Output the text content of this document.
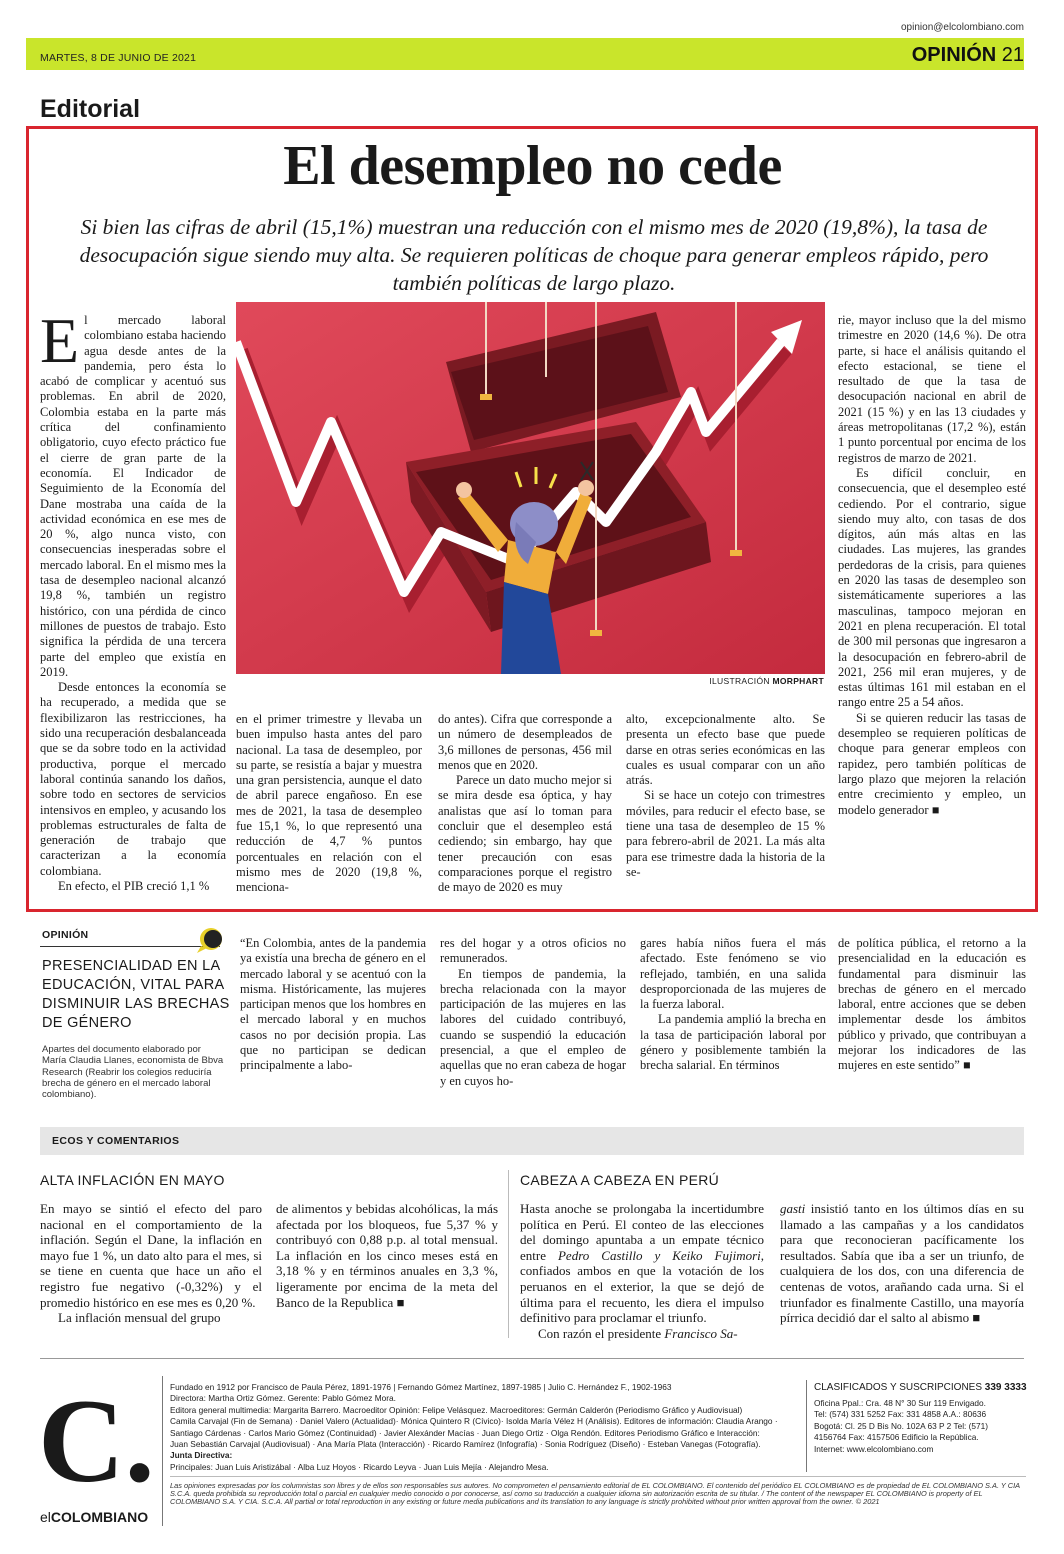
opinion@elcolombiano.com
MARTES, 8 DE JUNIO DE 2021	OPINIÓN 21
Editorial
El desempleo no cede
Si bien las cifras de abril (15,1%) muestran una reducción con el mismo mes de 2020 (19,8%), la tasa de desocupación sigue siendo muy alta. Se requieren políticas de choque para generar empleos rápido, pero también políticas de largo plazo.

El mercado laboral colombiano estaba haciendo agua desde antes de la pandemia, pero ésta lo acabó de complicar y acentuó sus problemas. En abril de 2020, Colombia estaba en la parte más crítica del confinamiento obligatorio, cuyo efecto práctico fue el cierre de gran parte de la economía. El Indicador de Seguimiento de la Economía del Dane mostraba una caída de la actividad económica en ese mes de 20 %, algo nunca visto, con consecuencias inesperadas sobre el mercado laboral. En el mismo mes la tasa de desempleo nacional alcanzó 19,8 %, también un registro histórico, con una pérdida de cinco millones de puestos de trabajo. Esto significa la pérdida de una tercera parte del empleo que existía en 2019.

Desde entonces la economía se ha recuperado, a medida que se flexibilizaron las restricciones, ha sido una recuperación desbalanceada que se da sobre todo en la actividad productiva, porque el mercado laboral continúa sanando los daños, sobre todo en sectores de servicios intensivos en empleo, y acusando los problemas estructurales de falta de generación de trabajo que caracterizan a la economía colombiana.

En efecto, el PIB creció 1,1 %

ILUSTRACIÓN MORPHART

en el primer trimestre y llevaba un buen impulso hasta antes del paro nacional. La tasa de desempleo, por su parte, se resistía a bajar y muestra una gran persistencia, aunque el dato de abril parece engañoso. En ese mes de 2021, la tasa de desempleo fue 15,1 %, lo que representó una reducción de 4,7 % puntos porcentuales en relación con el mismo mes de 2020 (19,8 %, menciona-

do antes). Cifra que corresponde a un número de desempleados de 3,6 millones de personas, 456 mil menos que en 2020.

Parece un dato mucho mejor si se mira desde esa óptica, y hay analistas que así lo toman para concluir que el desempleo está cediendo; sin embargo, hay que tener precaución con esas comparaciones porque el registro de mayo de 2020 es muy

alto, excepcionalmente alto. Se presenta un efecto base que puede darse en otras series económicas en las cuales es usual comparar con un año atrás.

Si se hace un cotejo con trimestres móviles, para reducir el efecto base, se tiene una tasa de desempleo de 15 % para febrero-abril de 2021. La más alta para ese trimestre dada la historia de la se-

rie, mayor incluso que la del mismo trimestre en 2020 (14,6 %). De otra parte, si hace el análisis quitando el efecto estacional, se tiene el resultado de que la tasa de desocupación nacional en abril de 2021 (15 %) y en las 13 ciudades y áreas metropolitanas (17,2 %), están 1 punto porcentual por encima de los registros de marzo de 2021.

Es difícil concluir, en consecuencia, que el desempleo esté cediendo. Por el contrario, sigue siendo muy alto, con tasas de dos dígitos, aún más altas en las ciudades. Las mujeres, las grandes perdedoras de la crisis, para quienes en 2020 las tasas de desempleo son sistemáticamente superiores a las masculinas, tampoco mejoran en 2021 en plena recuperación. El total de 300 mil personas que ingresaron a la desocupación en febrero-abril de 2021, 256 mil eran mujeres, y de estas últimas 161 mil estaban en el rango entre 25 a 54 años.

Si se quieren reducir las tasas de desempleo se requieren políticas de choque para generar empleos con rapidez, pero también políticas de largo plazo que mejoren la relación entre crecimiento y empleo, un modelo generador ■

OPINIÓN
PRESENCIALIDAD EN LA EDUCACIÓN, VITAL PARA DISMINUIR LAS BRECHAS DE GÉNERO
Apartes del documento elaborado por María Claudia Llanes, economista de Bbva Research (Reabrir los colegios reduciría brecha de género en el mercado laboral colombiano).

“En Colombia, antes de la pandemia ya existía una brecha de género en el mercado laboral y se acentuó con la misma. Históricamente, las mujeres participan menos que los hombres en el mercado laboral y en muchos casos no por decisión propia. Las que no participan se dedican principalmente a labo-

res del hogar y a otros oficios no remunerados.

En tiempos de pandemia, la brecha relacionada con la mayor participación de las mujeres en las labores del cuidado contribuyó, cuando se suspendió la educación presencial, a que el empleo de aquellas que no eran cabeza de hogar y en cuyos ho-

gares había niños fuera el más afectado. Este fenómeno se vio reflejado, también, en una salida desproporcionada de las mujeres de la fuerza laboral.

La pandemia amplió la brecha en la tasa de participación laboral por género y posiblemente también la brecha salarial. En términos

de política pública, el retorno a la presencialidad en la educación es fundamental para disminuir las brechas de género en el mercado laboral, entre acciones que se deben implementar desde los ámbitos público y privado, que contribuyan a mejorar los indicadores de las mujeres en este sentido” ■

ECOS Y COMENTARIOS
ALTA INFLACIÓN EN MAYO

En mayo se sintió el efecto del paro nacional en el comportamiento de la inflación. Según el Dane, la inflación en mayo fue 1 %, un dato alto para el mes, si se tiene en cuenta que hace un año el registro fue negativo (-0,32%) y el promedio histórico en ese mes es 0,20 %.

La inflación mensual del grupo

de alimentos y bebidas alcohólicas, la más afectada por los bloqueos, fue 5,37 % y contribuyó con 0,88 p.p. al total mensual. La inflación en los cinco meses está en 3,18 % y en términos anuales en 3,3 %, ligeramente por encima de la meta del Banco de la Republica ■

CABEZA A CABEZA EN PERÚ

Hasta anoche se prolongaba la incertidumbre política en Perú. El conteo de las elecciones del domingo apuntaba a un empate técnico entre Pedro Castillo y Keiko Fujimori, confiados ambos en que la votación de los peruanos en el exterior, la que se dejó de última para el recuento, les diera el impulso definitivo para proclamar el triunfo.

Con razón el presidente Francisco Sa-

gasti insistió tanto en los últimos días en su llamado a las campañas y a los candidatos para que reconocieran pacíficamente los resultados. Sabía que iba a ser un triunfo, de cualquiera de los dos, con una diferencia de centenas de votos, arañando cada urna. Si el triunfador es finalmente Castillo, una mayoría pírrica decidió dar el salto al abismo ■

C.
elCOLOMBIANO
Fundado en 1912 por Francisco de Paula Pérez, 1891-1976 | Fernando Gómez Martínez, 1897-1985 | Julio C. Hernández F., 1902-1963
Directora: Martha Ortiz Gómez. Gerente: Pablo Gómez Mora.
Editora general multimedia: Margarita Barrero. Macroeditor Opinión: Felipe Velásquez. Macroeditores: Germán Calderón (Periodismo Gráfico y Audiovisual)
Camila Carvajal (Fin de Semana) · Daniel Valero (Actualidad)· Mónica Quintero R (Cívico)· Isolda María Vélez H (Análisis). Editores de información: Claudia Arango ·
Santiago Cárdenas · Carlos Mario Gómez (Continuidad) · Javier Alexánder Macías · Juan Diego Ortiz · Olga Rendón. Editores Periodismo Gráfico e Interacción:
Juan Sebastián Carvajal (Audiovisual) · Ana María Plata (Interacción) · Ricardo Ramírez (Infografía) · Sonia Rodríguez (Diseño) · Esteban Vanegas (Fotografía).
Junta Directiva:
Principales: Juan Luis Aristizábal · Alba Luz Hoyos · Ricardo Leyva · Juan Luis Mejía · Alejandro Mesa.
CLASIFICADOS Y SUSCRIPCIONES 339 3333
Oficina Ppal.: Cra. 48 N° 30 Sur 119 Envigado.
Tel: (574) 331 5252 Fax: 331 4858 A.A.: 80636
Bogotá: Cl. 25 D Bis No. 102A 63 P 2 Tel: (571)
4156764 Fax: 4157506 Edificio la República.
Internet: www.elcolombiano.com
Las opiniones expresadas por los columnistas son libres y de ellos son responsables sus autores. No comprometen el pensamiento editorial de EL COLOMBIANO. El contenido del periódico EL COLOMBIANO es de propiedad de EL COLOMBIANO S.A. Y CIA S.C.A. queda prohibida su reproducción total o parcial en cualquier medio conocido o por conocerse, así como su traducción a cualquier idioma sin autorización escrita de su titular. / The content of the newspaper EL COLOMBIANO is property of EL COLOMBIANO S.A. Y CIA. S.C.A. All partial or total reproduction in any existing or future media publications and its translation to any language is strictly prohibited without prior written approval from the owner. © 2021
